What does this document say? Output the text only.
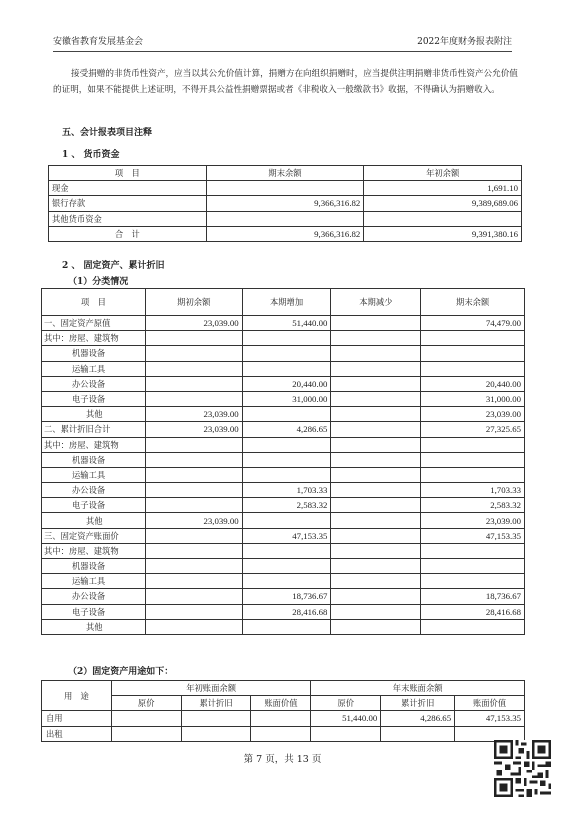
安徽省教育发展基金会	2022年度财务报表附注
接受捐赠的非货币性资产，应当以其公允价值计算，捐赠方在向组织捐赠时，应当提供注明捐赠非货币性资产公允价值的证明，如果不能提供上述证明，不得开具公益性捐赠票据或者《非税收入一般缴款书》收据，不得确认为捐赠收入。
五、会计报表项目注释
1 、 货币资金
项　目	期末余额	年初余额
现金		1,691.10
银行存款	9,366,316.82	9,389,689.06
其他货币资金		
合　计	9,366,316.82	9,391,380.16
2 、 固定资产、累计折旧
（1）分类情况
项　目	期初余额	本期增加	本期减少	期末余额
一、固定资产原值	23,039.00	51,440.00		74,479.00
其中：房屋、建筑物				
机器设备				
运输工具				
办公设备		20,440.00		20,440.00
电子设备		31,000.00		31,000.00
其他	23,039.00			23,039.00
二、累计折旧合计	23,039.00	4,286.65		27,325.65
其中：房屋、建筑物				
机器设备				
运输工具				
办公设备		1,703.33		1,703.33
电子设备		2,583.32		2,583.32
其他	23,039.00			23,039.00
三、固定资产账面价		47,153.35		47,153.35
其中：房屋、建筑物				
机器设备				
运输工具				
办公设备		18,736.67		18,736.67
电子设备		28,416.68		28,416.68
其他				
（2）固定资产用途如下：
用　途	年初账面余额			年末账面余额		
	原价	累计折旧	账面价值	原价	累计折旧	账面价值
自用				51,440.00	4,286.65	47,153.35
出租						
第 7 页，共 13 页
